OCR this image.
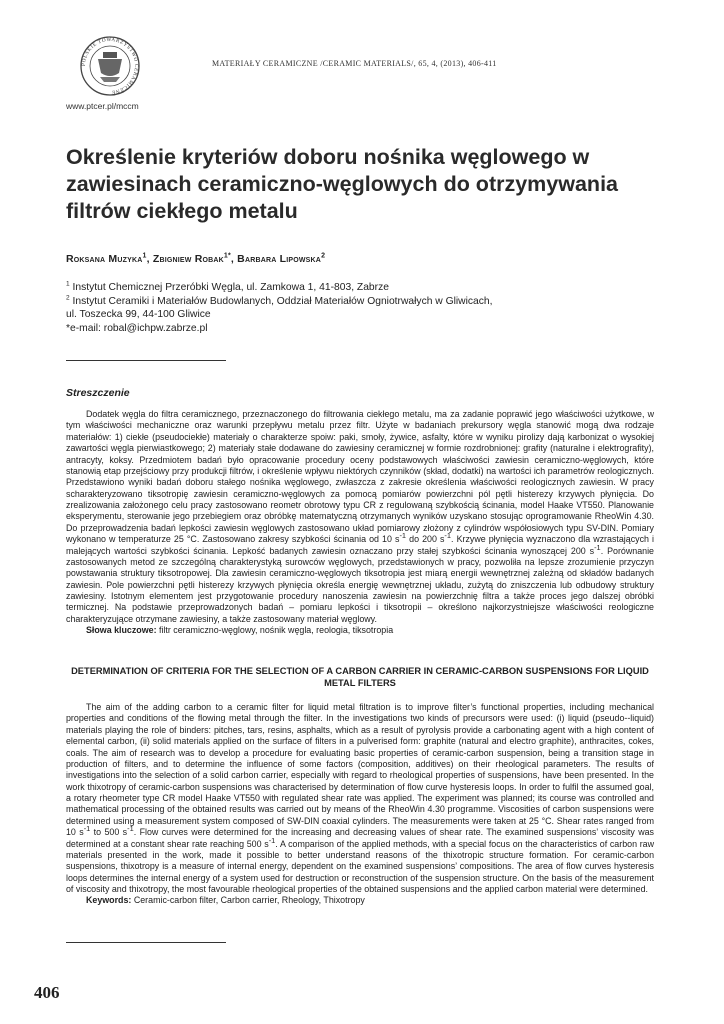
POLSKIE TOWARZYSTWO CERAMICZNE
www.ptcer.pl/mccm
MATERIAŁY CERAMICZNE /CERAMIC MATERIALS/, 65, 4, (2013), 406-411
Określenie kryteriów doboru nośnika węglowego w zawiesinach ceramiczno-węglowych do otrzymywania filtrów ciekłego metalu
Roksana Muzyka$^1$, Zbigniew Robak$^{1*}$, Barbara Lipowska$^2$
$^1$ Instytut Chemicznej Przeróbki Węgla, ul. Zamkowa 1, 41-803, Zabrze
$^2$ Instytut Ceramiki i Materiałów Budowlanych, Oddział Materiałów Ogniotrwałych w Gliwicach,
ul. Toszecka 99, 44-100 Gliwice
*e-mail: robal@ichpw.zabrze.pl
Streszczenie

Dodatek węgla do filtra ceramicznego, przeznaczonego do filtrowania ciekłego metalu, ma za zadanie poprawić jego właściwości użytkowe, w tym właściwości mechaniczne oraz warunki przepływu metalu przez filtr. Użyte w badaniach prekursory węgla stanowić mogą dwa rodzaje materiałów: 1) ciekłe (pseudociekłe) materiały o charakterze spoiw: paki, smoły, żywice, asfalty, które w wyniku pirolizy dają karbonizat o wysokiej zawartości węgla pierwiastkowego; 2) materiały stałe dodawane do zawiesiny ceramicznej w formie rozdrobnionej: grafity (naturalne i elektrografity), antracyty, koksy. Przedmiotem badań było opracowanie procedury oceny podstawowych właściwości zawiesin ceramiczno-węglowych, które stanowią etap przejściowy przy produkcji filtrów, i określenie wpływu niektórych czynników (skład, dodatki) na wartości ich parametrów reologicznych. Przedstawiono wyniki badań doboru stałego nośnika węglowego, zwłaszcza z zakresie określenia właściwości reologicznych zawiesin. W pracy scharakteryzowano tiksotropię zawiesin ceramiczno-węglowych za pomocą pomiarów powierzchni pól pętli histerezy krzywych płynięcia. Do zrealizowania założonego celu pracy zastosowano reometr obrotowy typu CR z regulowaną szybkością ścinania, model Haake VT550. Planowanie eksperymentu, sterowanie jego przebiegiem oraz obróbkę matematyczną otrzymanych wyników uzyskano stosując oprogramowanie RheoWin 4.30. Do przeprowadzenia badań lepkości zawiesin węglowych zastosowano układ pomiarowy złożony z cylindrów współosiowych typu SV-DIN. Pomiary wykonano w temperaturze 25 °C. Zastosowano zakresy szybkości ścinania od 10 $s^{-1}$ do 200 $s^{-1}$. Krzywe płynięcia wyznaczono dla wzrastających i malejących wartości szybkości ścinania. Lepkość badanych zawiesin oznaczano przy stałej szybkości ścinania wynoszącej 200 $s^{-1}$. Porównanie zastosowanych metod ze szczególną charakterystyką surowców węglowych, przedstawionych w pracy, pozwoliła na lepsze zrozumienie przyczyn powstawania struktury tiksotropowej. Dla zawiesin ceramiczno-węglowych tiksotropia jest miarą energii wewnętrznej zależną od składów badanych zawiesin. Pole powierzchni pętli histerezy krzywych płynięcia określa energię wewnętrznej układu, zużytą do zniszczenia lub odbudowy struktury zawiesiny. Istotnym elementem jest przygotowanie procedury nanoszenia zawiesin na powierzchnię filtra a także proces jego dalszej obróbki termicznej. Na podstawie przeprowadzonych badań – pomiaru lepkości i tiksotropii – określono najkorzystniejsze właściwości reologiczne charakteryzujące otrzymane zawiesiny, a także zastosowany materiał węglowy.

Słowa kluczowe: filtr ceramiczno-węglowy, nośnik węgla, reologia, tiksotropia
DETERMINATION OF CRITERIA FOR THE SELECTION OF A CARBON CARRIER IN CERAMIC-CARBON SUSPENSIONS FOR LIQUID METAL FILTERS

The aim of the adding carbon to a ceramic filter for liquid metal filtration is to improve filter’s functional properties, including mechanical properties and conditions of the flowing metal through the filter. In the investigations two kinds of precursors were used: (i) liquid (pseudo--liquid) materials playing the role of binders: pitches, tars, resins, asphalts, which as a result of pyrolysis provide a carbonating agent with a high content of elemental carbon, (ii) solid materials applied on the surface of filters in a pulverised form: graphite (natural and electro graphite), anthracites, cokes, coals. The aim of research was to develop a procedure for evaluating basic properties of ceramic-carbon suspension, being a transition stage in production of filters, and to determine the influence of some factors (composition, additives) on their rheological parameters. The results of investigations into the selection of a solid carbon carrier, especially with regard to rheological properties of suspensions, have been presented. In the work thixotropy of ceramic-carbon suspensions was characterised by determination of flow curve hysteresis loops. In order to fulfil the assumed goal, a rotary rheometer type CR model Haake VT550 with regulated shear rate was applied. The experiment was planned; its course was controlled and mathematical processing of the obtained results was carried out by means of the RheoWin 4.30 programme. Viscosities of carbon suspensions were determined using a measurement system composed of SW-DIN coaxial cylinders. The measurements were taken at 25 °C. Shear rates ranged from 10 $s^{-1}$ to 500 $s^{-1}$. Flow curves were determined for the increasing and decreasing values of shear rate. The examined suspensions’ viscosity was determined at a constant shear rate reaching 500 $s^{-1}$. A comparison of the applied methods, with a special focus on the characteristics of carbon raw materials presented in the work, made it possible to better understand reasons of the thixotropic structure formation. For ceramic-carbon suspensions, thixotropy is a measure of internal energy, dependent on the examined suspensions’ compositions. The area of flow curves hysteresis loops determines the internal energy of a system used for destruction or reconstruction of the suspension structure. On the basis of the measurement of viscosity and thixotropy, the most favourable rheological properties of the obtained suspensions and the applied carbon material were determined.

Keywords: Ceramic-carbon filter, Carbon carrier, Rheology, Thixotropy
406
